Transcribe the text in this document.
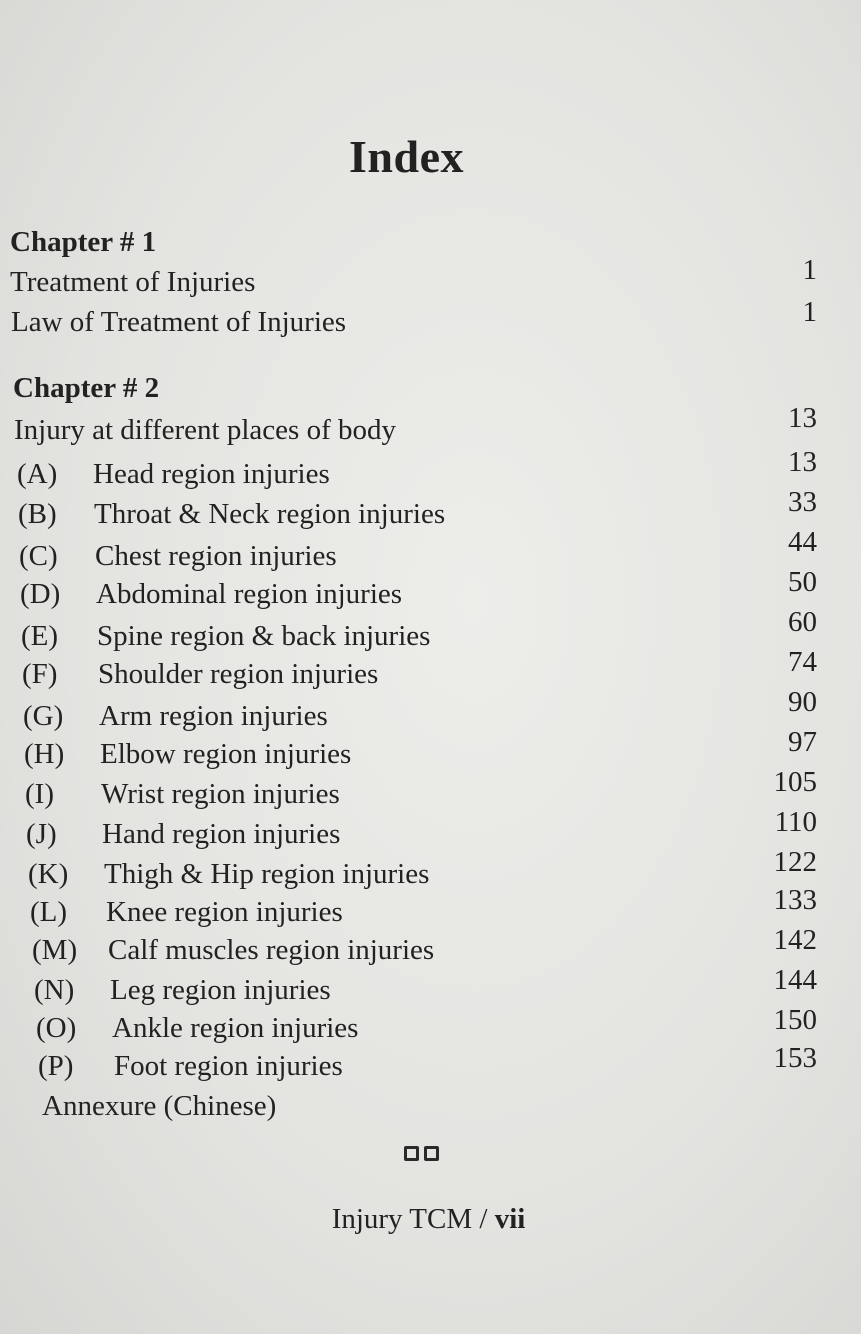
Index
Chapter # 1
Treatment of Injuries	1
Law of Treatment of Injuries	1
Chapter # 2
Injury at different places of body	13
(A) Head region injuries	13
(B) Throat & Neck region injuries	33
(C) Chest region injuries	44
(D) Abdominal region injuries	50
(E) Spine region & back injuries	60
(F) Shoulder region injuries	74
(G) Arm region injuries	90
(H) Elbow region injuries	97
(I) Wrist region injuries	105
(J) Hand region injuries	110
(K) Thigh & Hip region injuries	122
(L) Knee region injuries	133
(M) Calf muscles region injuries	142
(N) Leg region injuries	144
(O) Ankle region injuries	150
(P) Foot region injuries	153
Annexure (Chinese)
Injury TCM / vii
